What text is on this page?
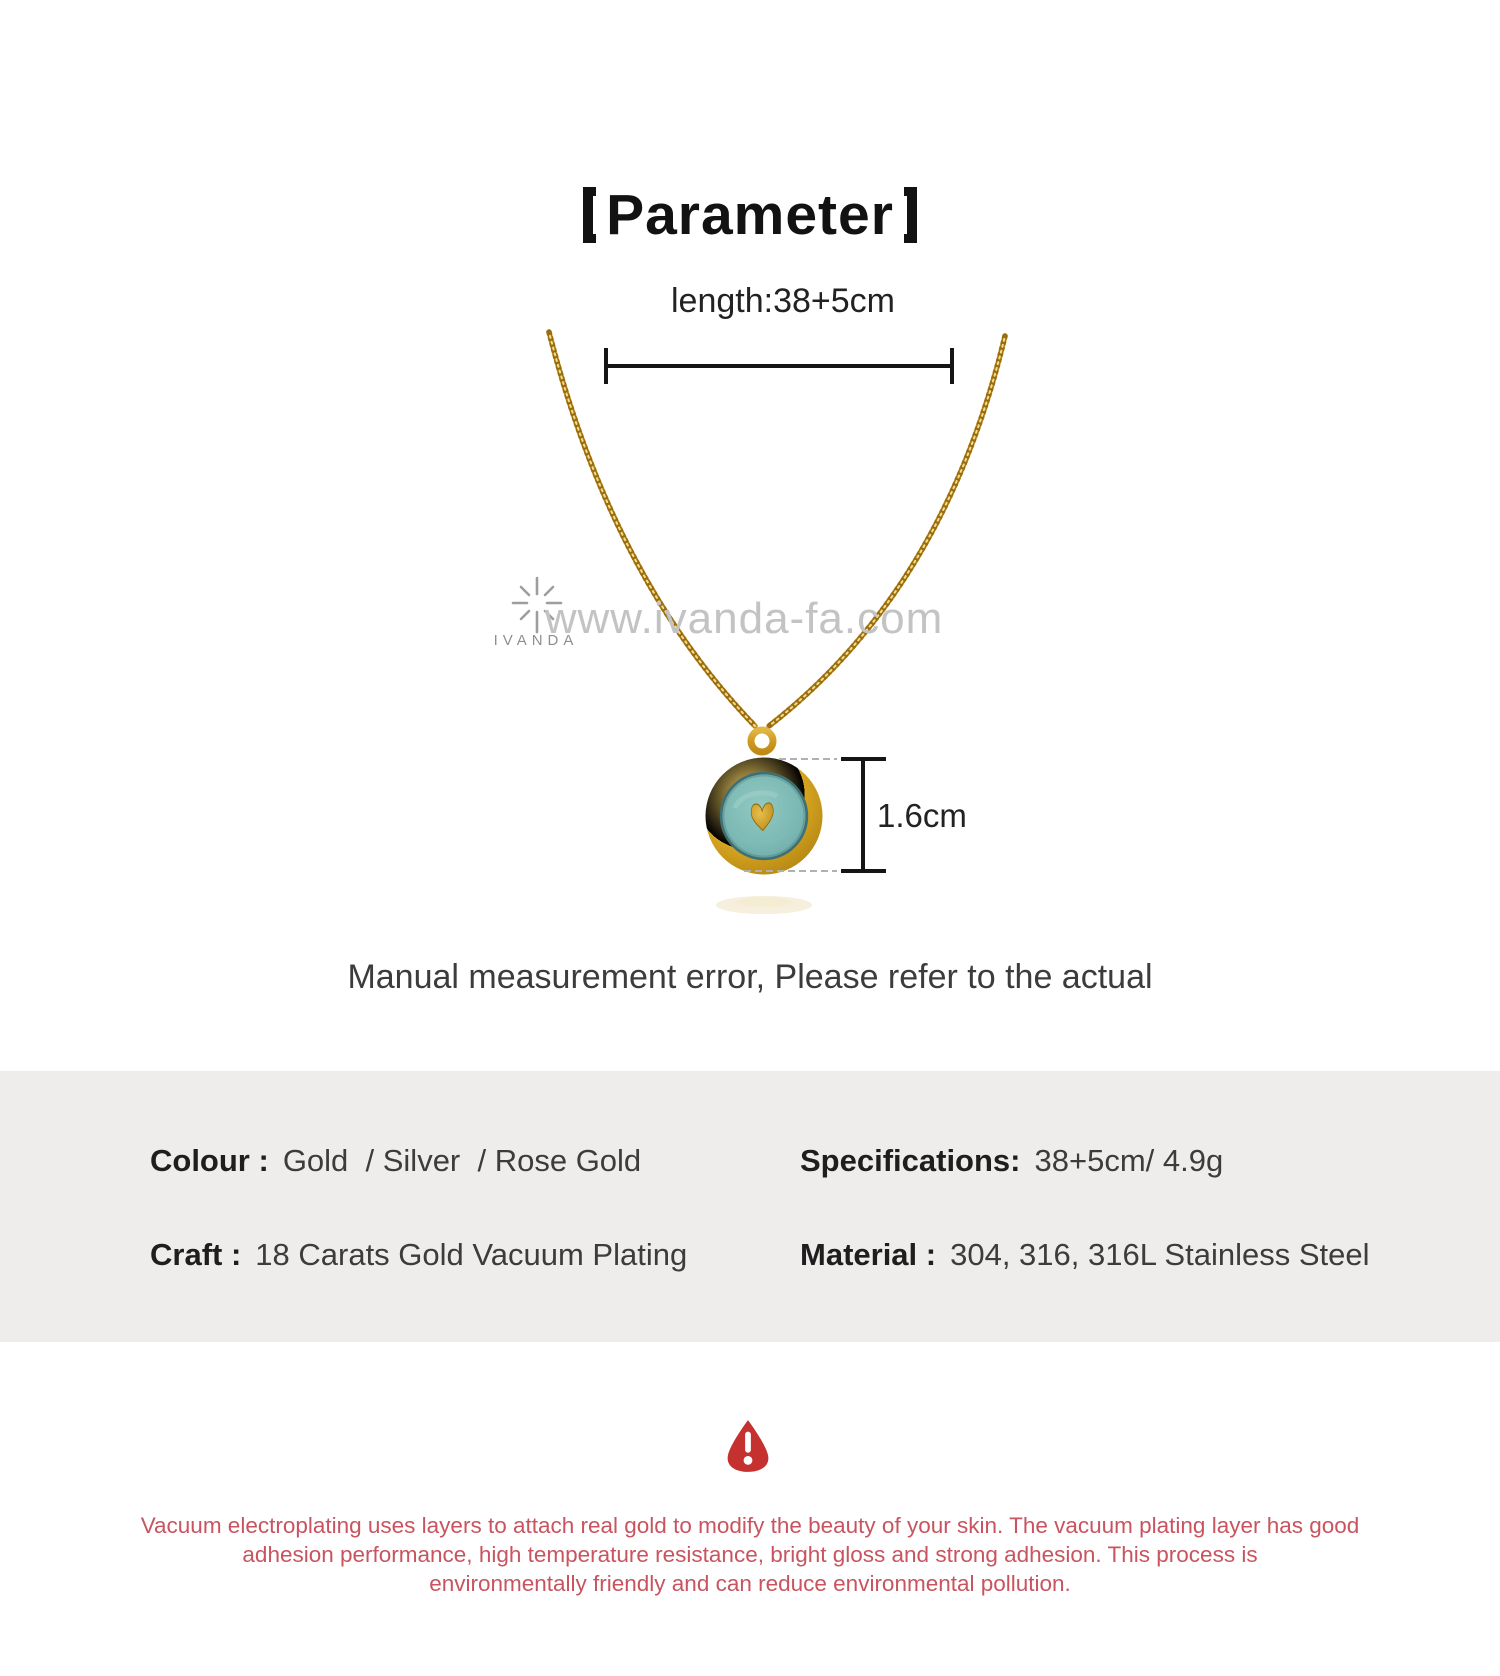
Parameter
length:38+5cm
1.6cm
www.ivanda-fa.com
IVANDA
Manual measurement error, Please refer to the actual
Colour : Gold  / Silver  / Rose Gold	Specifications: 38+5cm/ 4.9g
Craft : 18 Carats Gold Vacuum Plating	Material : 304, 316, 316L Stainless Steel
Vacuum electroplating uses layers to attach real gold to modify the beauty of your skin. The vacuum plating layer has good
adhesion performance, high temperature resistance, bright gloss and strong adhesion. This process is
environmentally friendly and can reduce environmental pollution.
